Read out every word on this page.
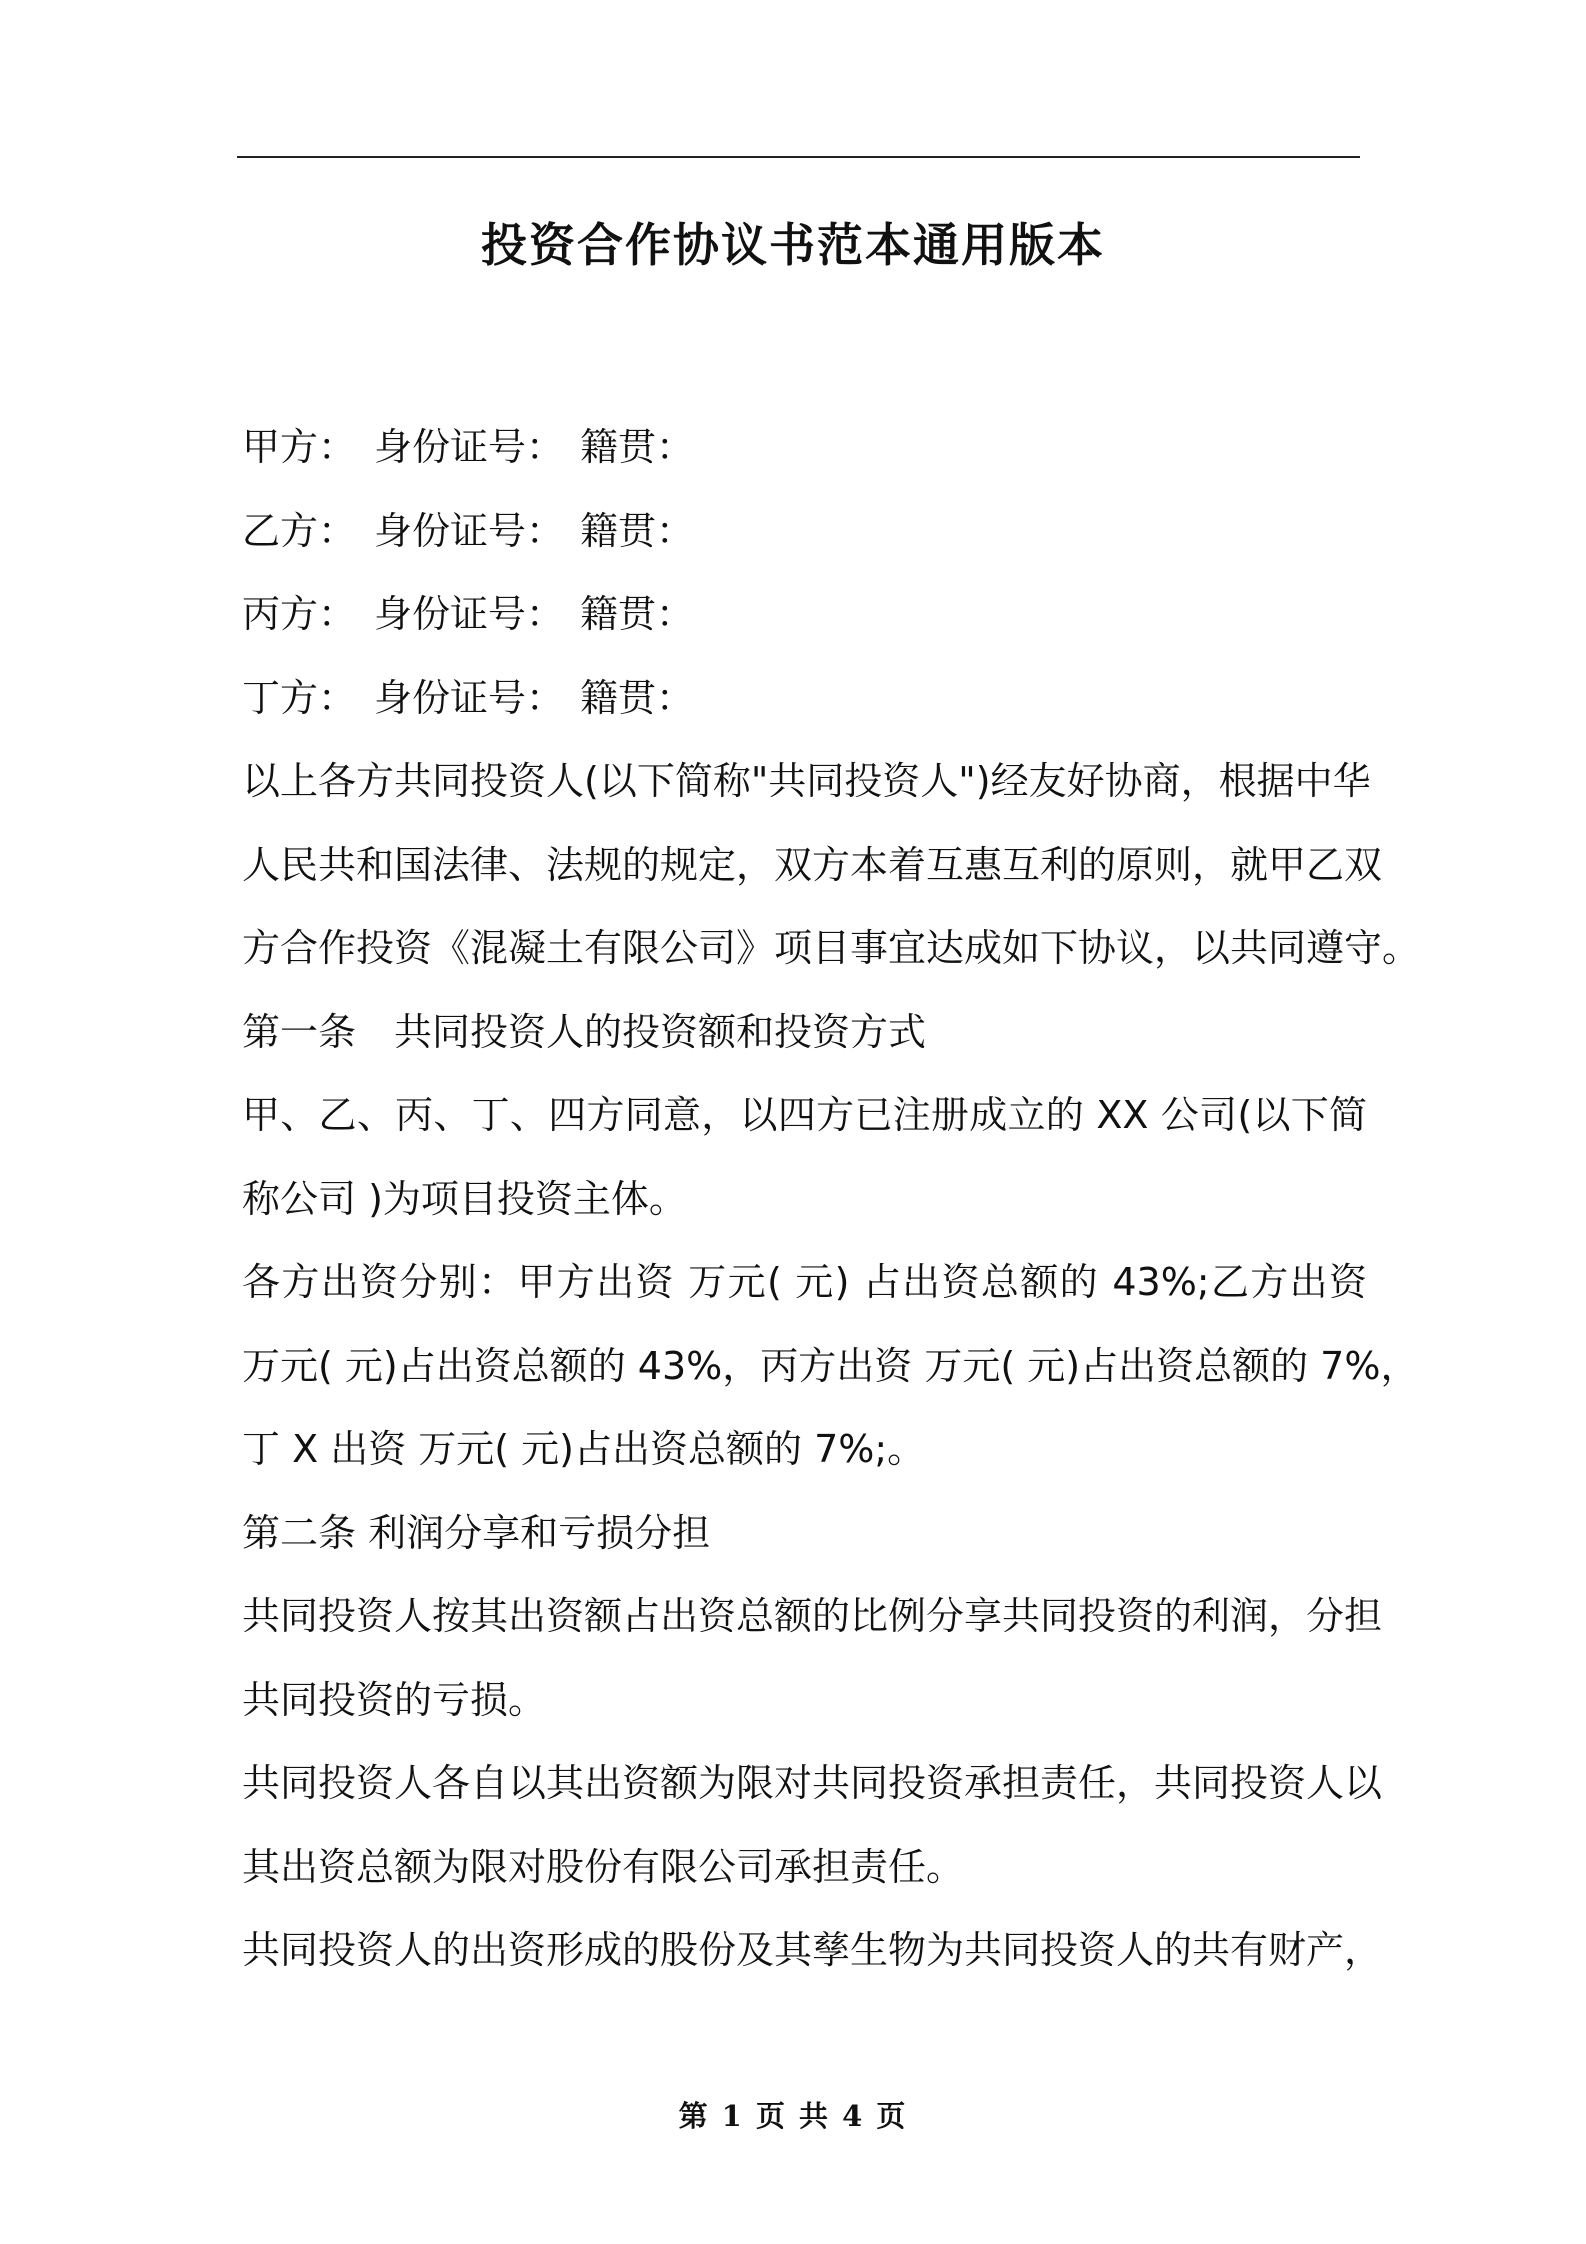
投资合作协议书范本通用版本
甲方： 身份证号： 籍贯：
乙方： 身份证号： 籍贯：
丙方： 身份证号： 籍贯：
丁方： 身份证号： 籍贯：
以上各方共同投资人(以下简称"共同投资人")经友好协商，根据中华
人民共和国法律、法规的规定，双方本着互惠互利的原则，就甲乙双
方合作投资《混凝土有限公司》项目事宜达成如下协议，以共同遵守。
第一条　共同投资人的投资额和投资方式
甲、乙、丙、丁、四方同意，以四方已注册成立的 XX 公司(以下简
称公司 )为项目投资主体。
各方出资分别：甲方出资 万元( 元) 占出资总额的 43%;乙方出资
万元( 元)占出资总额的 43%，丙方出资 万元( 元)占出资总额的 7%，
丁 X 出资 万元( 元)占出资总额的 7%;。
第二条 利润分享和亏损分担
共同投资人按其出资额占出资总额的比例分享共同投资的利润，分担
共同投资的亏损。
共同投资人各自以其出资额为限对共同投资承担责任，共同投资人以
其出资总额为限对股份有限公司承担责任。
共同投资人的出资形成的股份及其孳生物为共同投资人的共有财产，
第 1 页 共 4 页
